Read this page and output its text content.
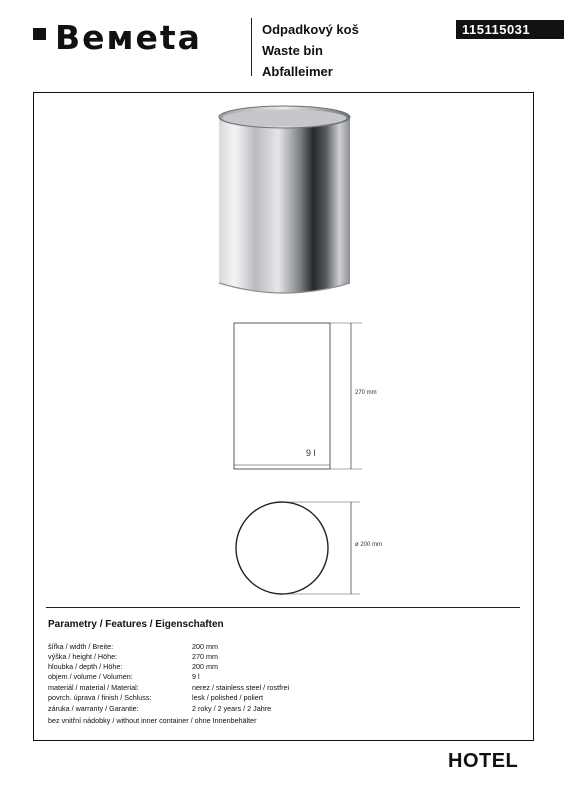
Beмeta	Odpadkový koš
Waste bin
Abfalleimer
115115031
270 mm
9 l
ø 200 mm
Parametry / Features / Eigenschaften
šířka / width / Breite:	200 mm
výška / height / Höhe:	270 mm
hloubka / depth / Höhe:	200 mm
objem / volume / Volumen:	9 l
materiál / material / Material:	nerez / stainless steel / rostfrei
povrch. úprava / finish / Schluss:	lesk / polished / poliert
záruka / warranty / Garantie:	2 roky / 2 years / 2 Jahre
bez vnitřní nádobky / without inner container / ohne Innenbehälter
HOTEL
